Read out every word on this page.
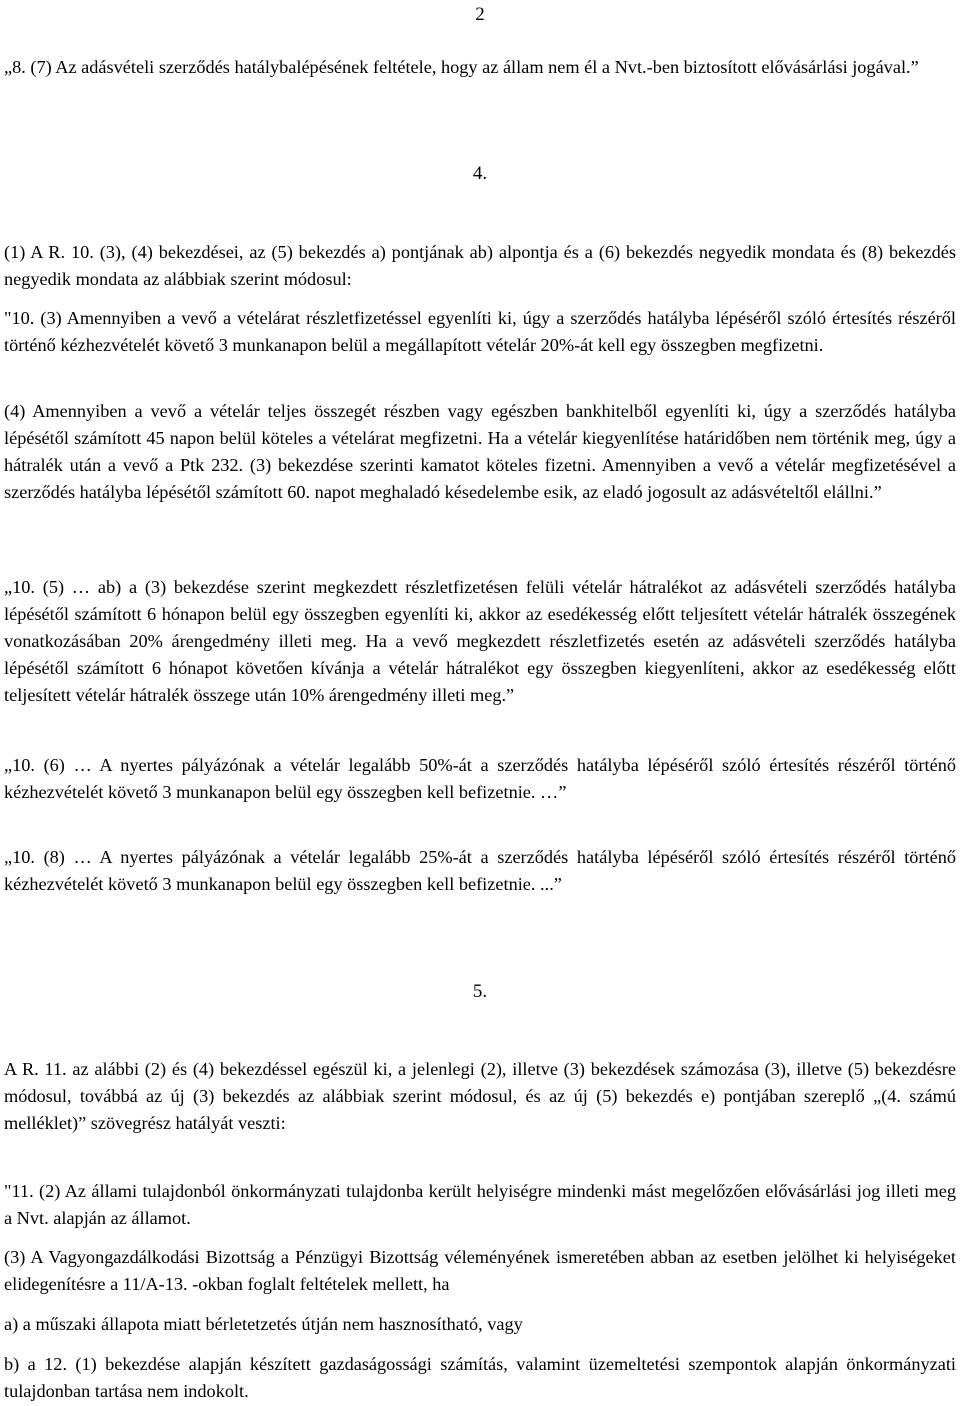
2

„8. (7) Az adásvételi szerződés hatálybalépésének feltétele, hogy az állam nem él a Nvt.-ben biztosított elővásárlási jogával.”

4.

(1) A R. 10. (3), (4) bekezdései, az (5) bekezdés a) pontjának ab) alpontja és a (6) bekezdés negyedik mondata és (8) bekezdés negyedik mondata az alábbiak szerint módosul:

"10. (3) Amennyiben a vevő a vételárat részletfizetéssel egyenlíti ki, úgy a szerződés hatályba lépéséről szóló értesítés részéről történő kézhezvételét követő 3 munkanapon belül a megállapított vételár 20%-át kell egy összegben megfizetni.

(4) Amennyiben a vevő a vételár teljes összegét részben vagy egészben bankhitelből egyenlíti ki, úgy a szerződés hatályba lépésétől számított 45 napon belül köteles a vételárat megfizetni. Ha a vételár kiegyenlítése határidőben nem történik meg, úgy a hátralék után a vevő a Ptk 232. (3) bekezdése szerinti kamatot köteles fizetni. Amennyiben a vevő a vételár megfizetésével a szerződés hatályba lépésétől számított 60. napot meghaladó késedelembe esik, az eladó jogosult az adásvételtől elállni.”

„10. (5) … ab) a (3) bekezdése szerint megkezdett részletfizetésen felüli vételár hátralékot az adásvételi szerződés hatályba lépésétől számított 6 hónapon belül egy összegben egyenlíti ki, akkor az esedékesség előtt teljesített vételár hátralék összegének vonatkozásában 20% árengedmény illeti meg. Ha a vevő megkezdett részletfizetés esetén az adásvételi szerződés hatályba lépésétől számított 6 hónapot követően kívánja a vételár hátralékot egy összegben kiegyenlíteni, akkor az esedékesség előtt teljesített vételár hátralék összege után 10% árengedmény illeti meg.”

„10. (6) … A nyertes pályázónak a vételár legalább 50%-át a szerződés hatályba lépéséről szóló értesítés részéről történő kézhezvételét követő 3 munkanapon belül egy összegben kell befizetnie. …”

„10. (8) … A nyertes pályázónak a vételár legalább 25%-át a szerződés hatályba lépéséről szóló értesítés részéről történő kézhezvételét követő 3 munkanapon belül egy összegben kell befizetnie. ...”

5.

A R. 11. az alábbi (2) és (4) bekezdéssel egészül ki, a jelenlegi (2), illetve (3) bekezdések számozása (3), illetve (5) bekezdésre módosul, továbbá az új (3) bekezdés az alábbiak szerint módosul, és az új (5) bekezdés e) pontjában szereplő „(4. számú melléklet)” szövegrész hatályát veszti:

"11. (2) Az állami tulajdonból önkormányzati tulajdonba került helyiségre mindenki mást megelőzően elővásárlási jog illeti meg a Nvt. alapján az államot.

(3) A Vagyongazdálkodási Bizottság a Pénzügyi Bizottság véleményének ismeretében abban az esetben jelölhet ki helyiségeket elidegenítésre a 11/A-13. -okban foglalt feltételek mellett, ha

a) a műszaki állapota miatt bérletetzetés útján nem hasznosítható, vagy

b) a 12. (1) bekezdése alapján készített gazdaságossági számítás, valamint üzemeltetési szempontok alapján önkormányzati tulajdonban tartása nem indokolt.
